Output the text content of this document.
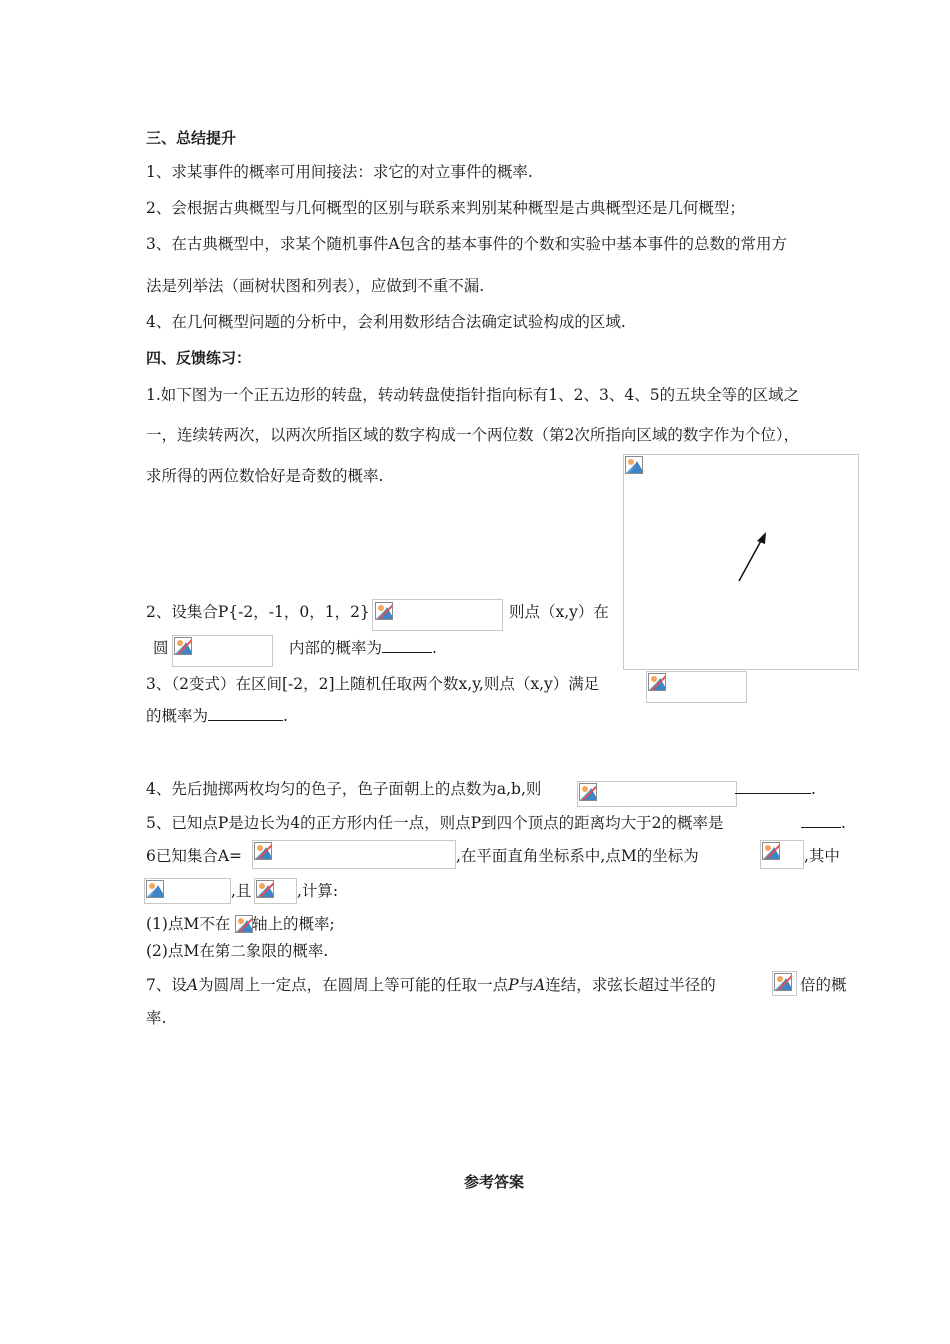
三、总结提升
1、求某事件的概率可用间接法：求它的对立事件的概率.
2、会根据古典概型与几何概型的区别与联系来判别某种概型是古典概型还是几何概型；
3、在古典概型中，求某个随机事件A包含的基本事件的个数和实验中基本事件的总数的常用方
法是列举法（画树状图和列表），应做到不重不漏.
4、在几何概型问题的分析中，会利用数形结合法确定试验构成的区域.
四、反馈练习：
1.如下图为一个正五边形的转盘，转动转盘使指针指向标有1、2、3、4、5的五块全等的区域之
一，连续转两次，以两次所指区域的数字构成一个两位数（第2次所指向区域的数字作为个位），
求所得的两位数恰好是奇数的概率.
2、设集合P{-2，-1，0，1，2}	则点（x,y）在
圆	内部的概率为	.
3、（2变式）在区间[-2，2]上随机任取两个数x,y,则点（x,y）满足
的概率为	.
4、先后抛掷两枚均匀的色子，色子面朝上的点数为a,b,则	.
5、已知点P是边长为4的正方形内任一点，则点P到四个顶点的距离均大于2的概率是	.
6已知集合A=	,在平面直角坐标系中,点M的坐标为	,其中
,且	,计算:
(1)点M不在 轴上的概率;
(2)点M在第二象限的概率.
7、设A为圆周上一定点，在圆周上等可能的任取一点P与A连结，求弦长超过半径的	倍的概
率.
参考答案
